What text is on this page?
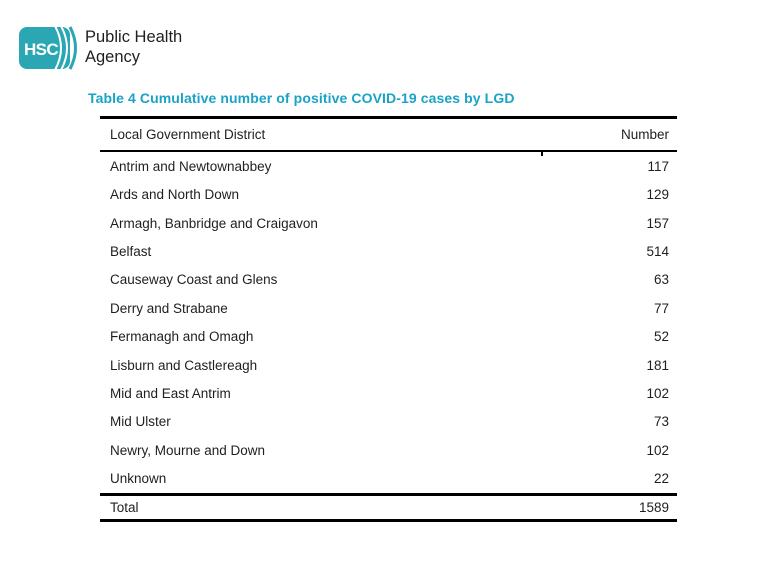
HSC
Public Health
Agency
Table 4 Cumulative number of positive COVID-19 cases by LGD
Local Government District	Number
Antrim and Newtownabbey	117
Ards and North Down	129
Armagh, Banbridge and Craigavon	157
Belfast	514
Causeway Coast and Glens	63
Derry and Strabane	77
Fermanagh and Omagh	52
Lisburn and Castlereagh	181
Mid and East Antrim	102
Mid Ulster	73
Newry, Mourne and Down	102
Unknown	22
Total	1589
